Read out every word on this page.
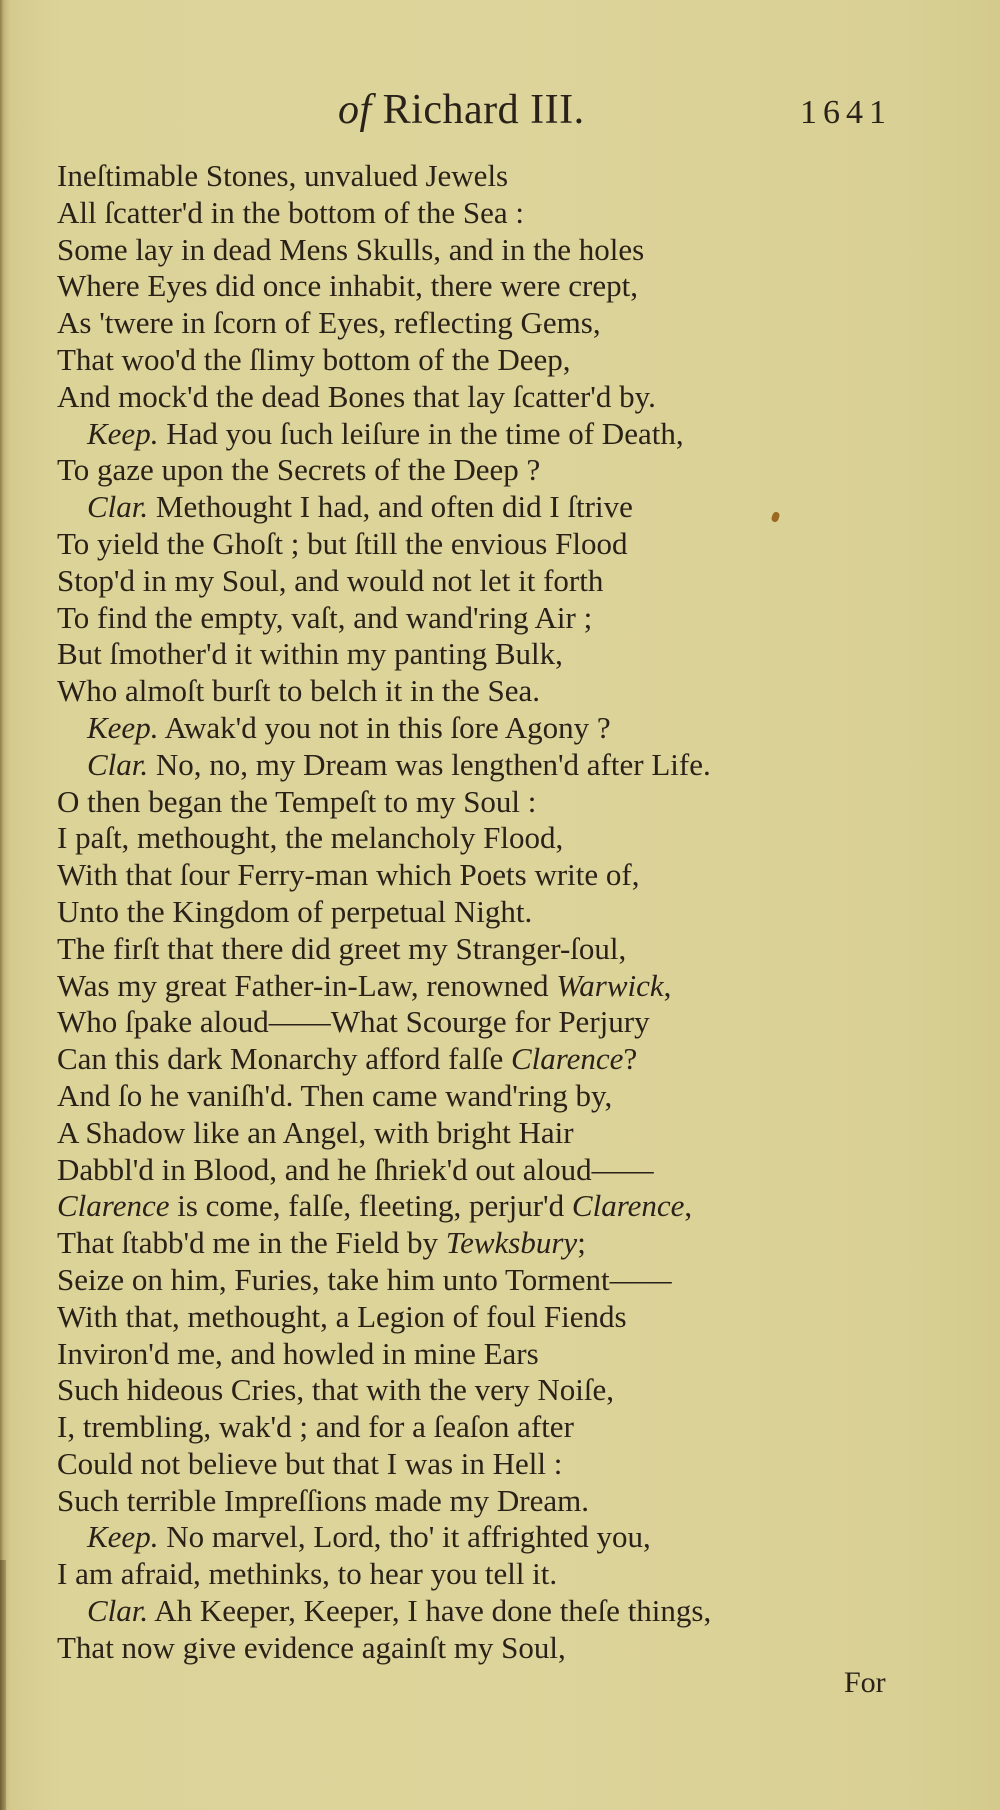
of Richard III.	1641
Ineſtimable Stones, unvalued Jewels
All ſcatter'd in the bottom of the Sea :
Some lay in dead Mens Skulls, and in the holes
Where Eyes did once inhabit, there were crept,
As 'twere in ſcorn of Eyes, reflecting Gems,
That woo'd the ſlimy bottom of the Deep,
And mock'd the dead Bones that lay ſcatter'd by.
Keep. Had you ſuch leiſure in the time of Death,
To gaze upon the Secrets of the Deep ?
Clar. Methought I had, and often did I ſtrive
To yield the Ghoſt ; but ſtill the envious Flood
Stop'd in my Soul, and would not let it forth
To find the empty, vaſt, and wand'ring Air ;
But ſmother'd it within my panting Bulk,
Who almoſt burſt to belch it in the Sea.
Keep. Awak'd you not in this ſore Agony ?
Clar. No, no, my Dream was lengthen'd after Life.
O then began the Tempeſt to my Soul :
I paſt, methought, the melancholy Flood,
With that ſour Ferry-man which Poets write of,
Unto the Kingdom of perpetual Night.
The firſt that there did greet my Stranger-ſoul,
Was my great Father-in-Law, renowned Warwick,
Who ſpake aloud——What Scourge for Perjury
Can this dark Monarchy afford falſe Clarence?
And ſo he vaniſh'd. Then came wand'ring by,
A Shadow like an Angel, with bright Hair
Dabbl'd in Blood, and he ſhriek'd out aloud——
Clarence is come, falſe, fleeting, perjur'd Clarence,
That ſtabb'd me in the Field by Tewksbury;
Seize on him, Furies, take him unto Torment——
With that, methought, a Legion of foul Fiends
Inviron'd me, and howled in mine Ears
Such hideous Cries, that with the very Noiſe,
I, trembling, wak'd ; and for a ſeaſon after
Could not believe but that I was in Hell :
Such terrible Impreſſions made my Dream.
Keep. No marvel, Lord, tho' it affrighted you,
I am afraid, methinks, to hear you tell it.
Clar. Ah Keeper, Keeper, I have done theſe things,
That now give evidence againſt my Soul,
For
